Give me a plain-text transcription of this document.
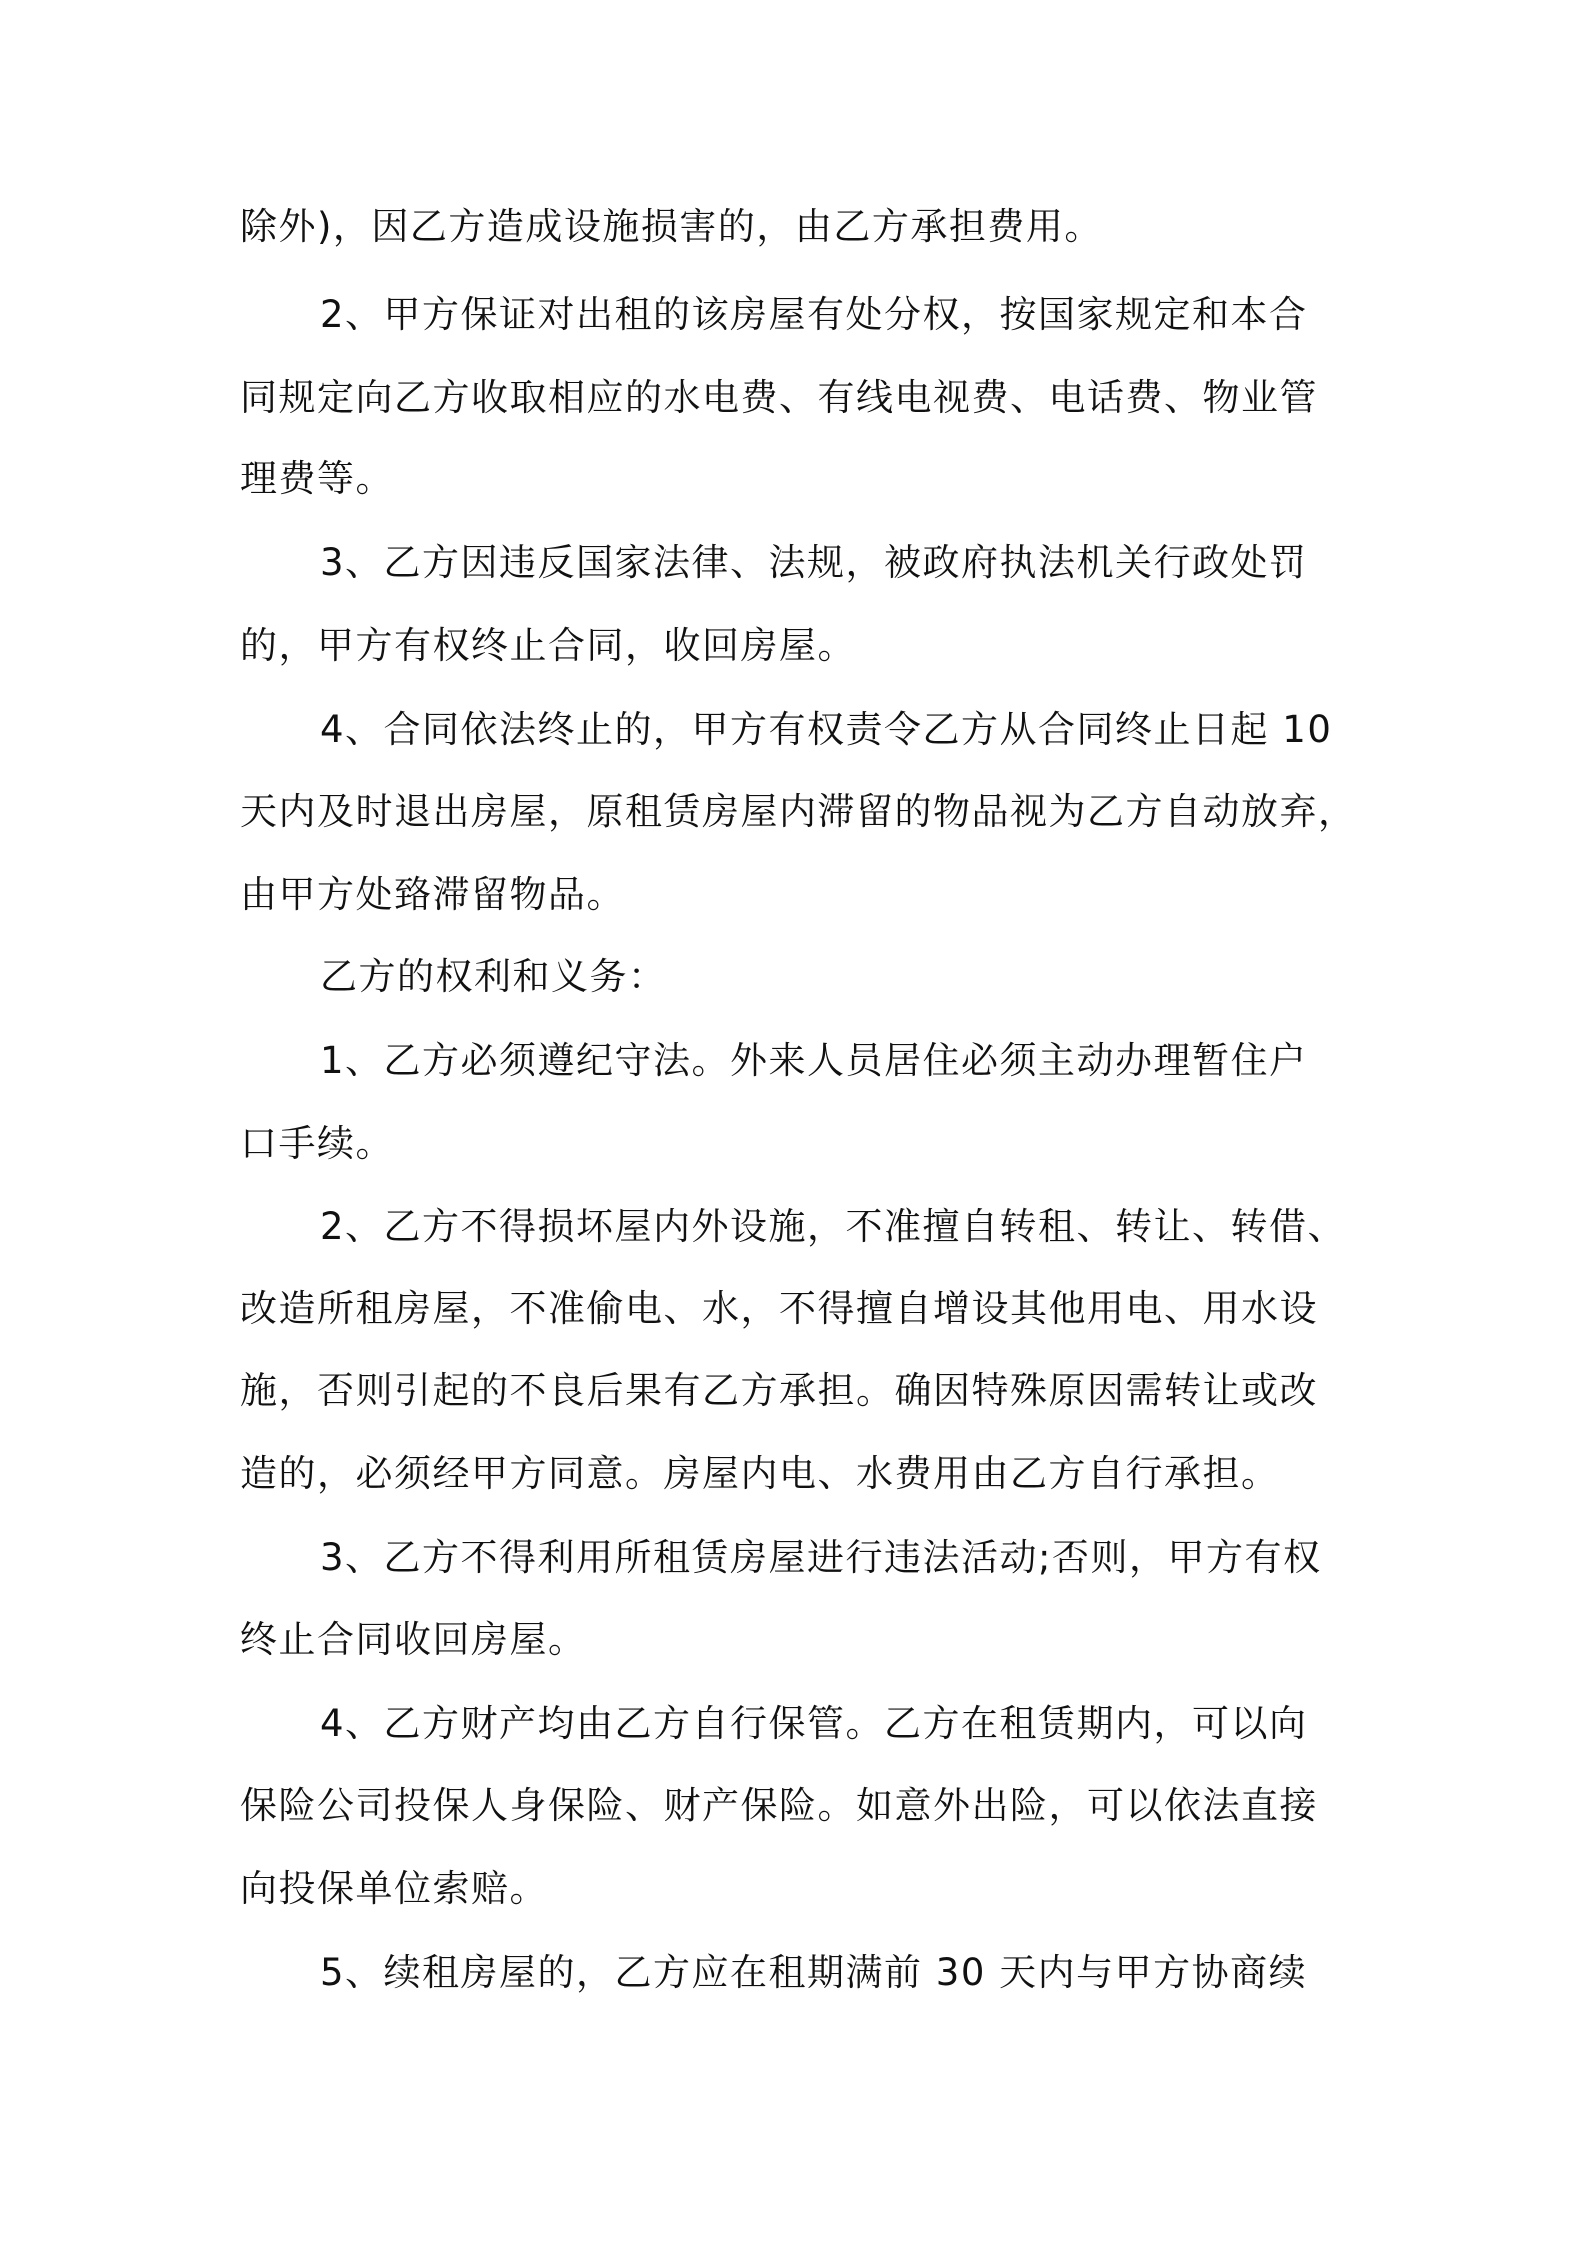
除外)，因乙方造成设施损害的，由乙方承担费用。
2、甲方保证对出租的该房屋有处分权，按国家规定和本合
同规定向乙方收取相应的水电费、有线电视费、电话费、物业管
理费等。
3、乙方因违反国家法律、法规，被政府执法机关行政处罚
的，甲方有权终止合同，收回房屋。
4、合同依法终止的，甲方有权责令乙方从合同终止日起 10
天内及时退出房屋，原租赁房屋内滞留的物品视为乙方自动放弃，
由甲方处臵滞留物品。
乙方的权利和义务：
1、乙方必须遵纪守法。外来人员居住必须主动办理暂住户
口手续。
2、乙方不得损坏屋内外设施，不准擅自转租、转让、转借、
改造所租房屋，不准偷电、水，不得擅自增设其他用电、用水设
施，否则引起的不良后果有乙方承担。确因特殊原因需转让或改
造的，必须经甲方同意。房屋内电、水费用由乙方自行承担。
3、乙方不得利用所租赁房屋进行违法活动;否则，甲方有权
终止合同收回房屋。
4、乙方财产均由乙方自行保管。乙方在租赁期内，可以向
保险公司投保人身保险、财产保险。如意外出险，可以依法直接
向投保单位索赔。
5、续租房屋的，乙方应在租期满前 30 天内与甲方协商续
